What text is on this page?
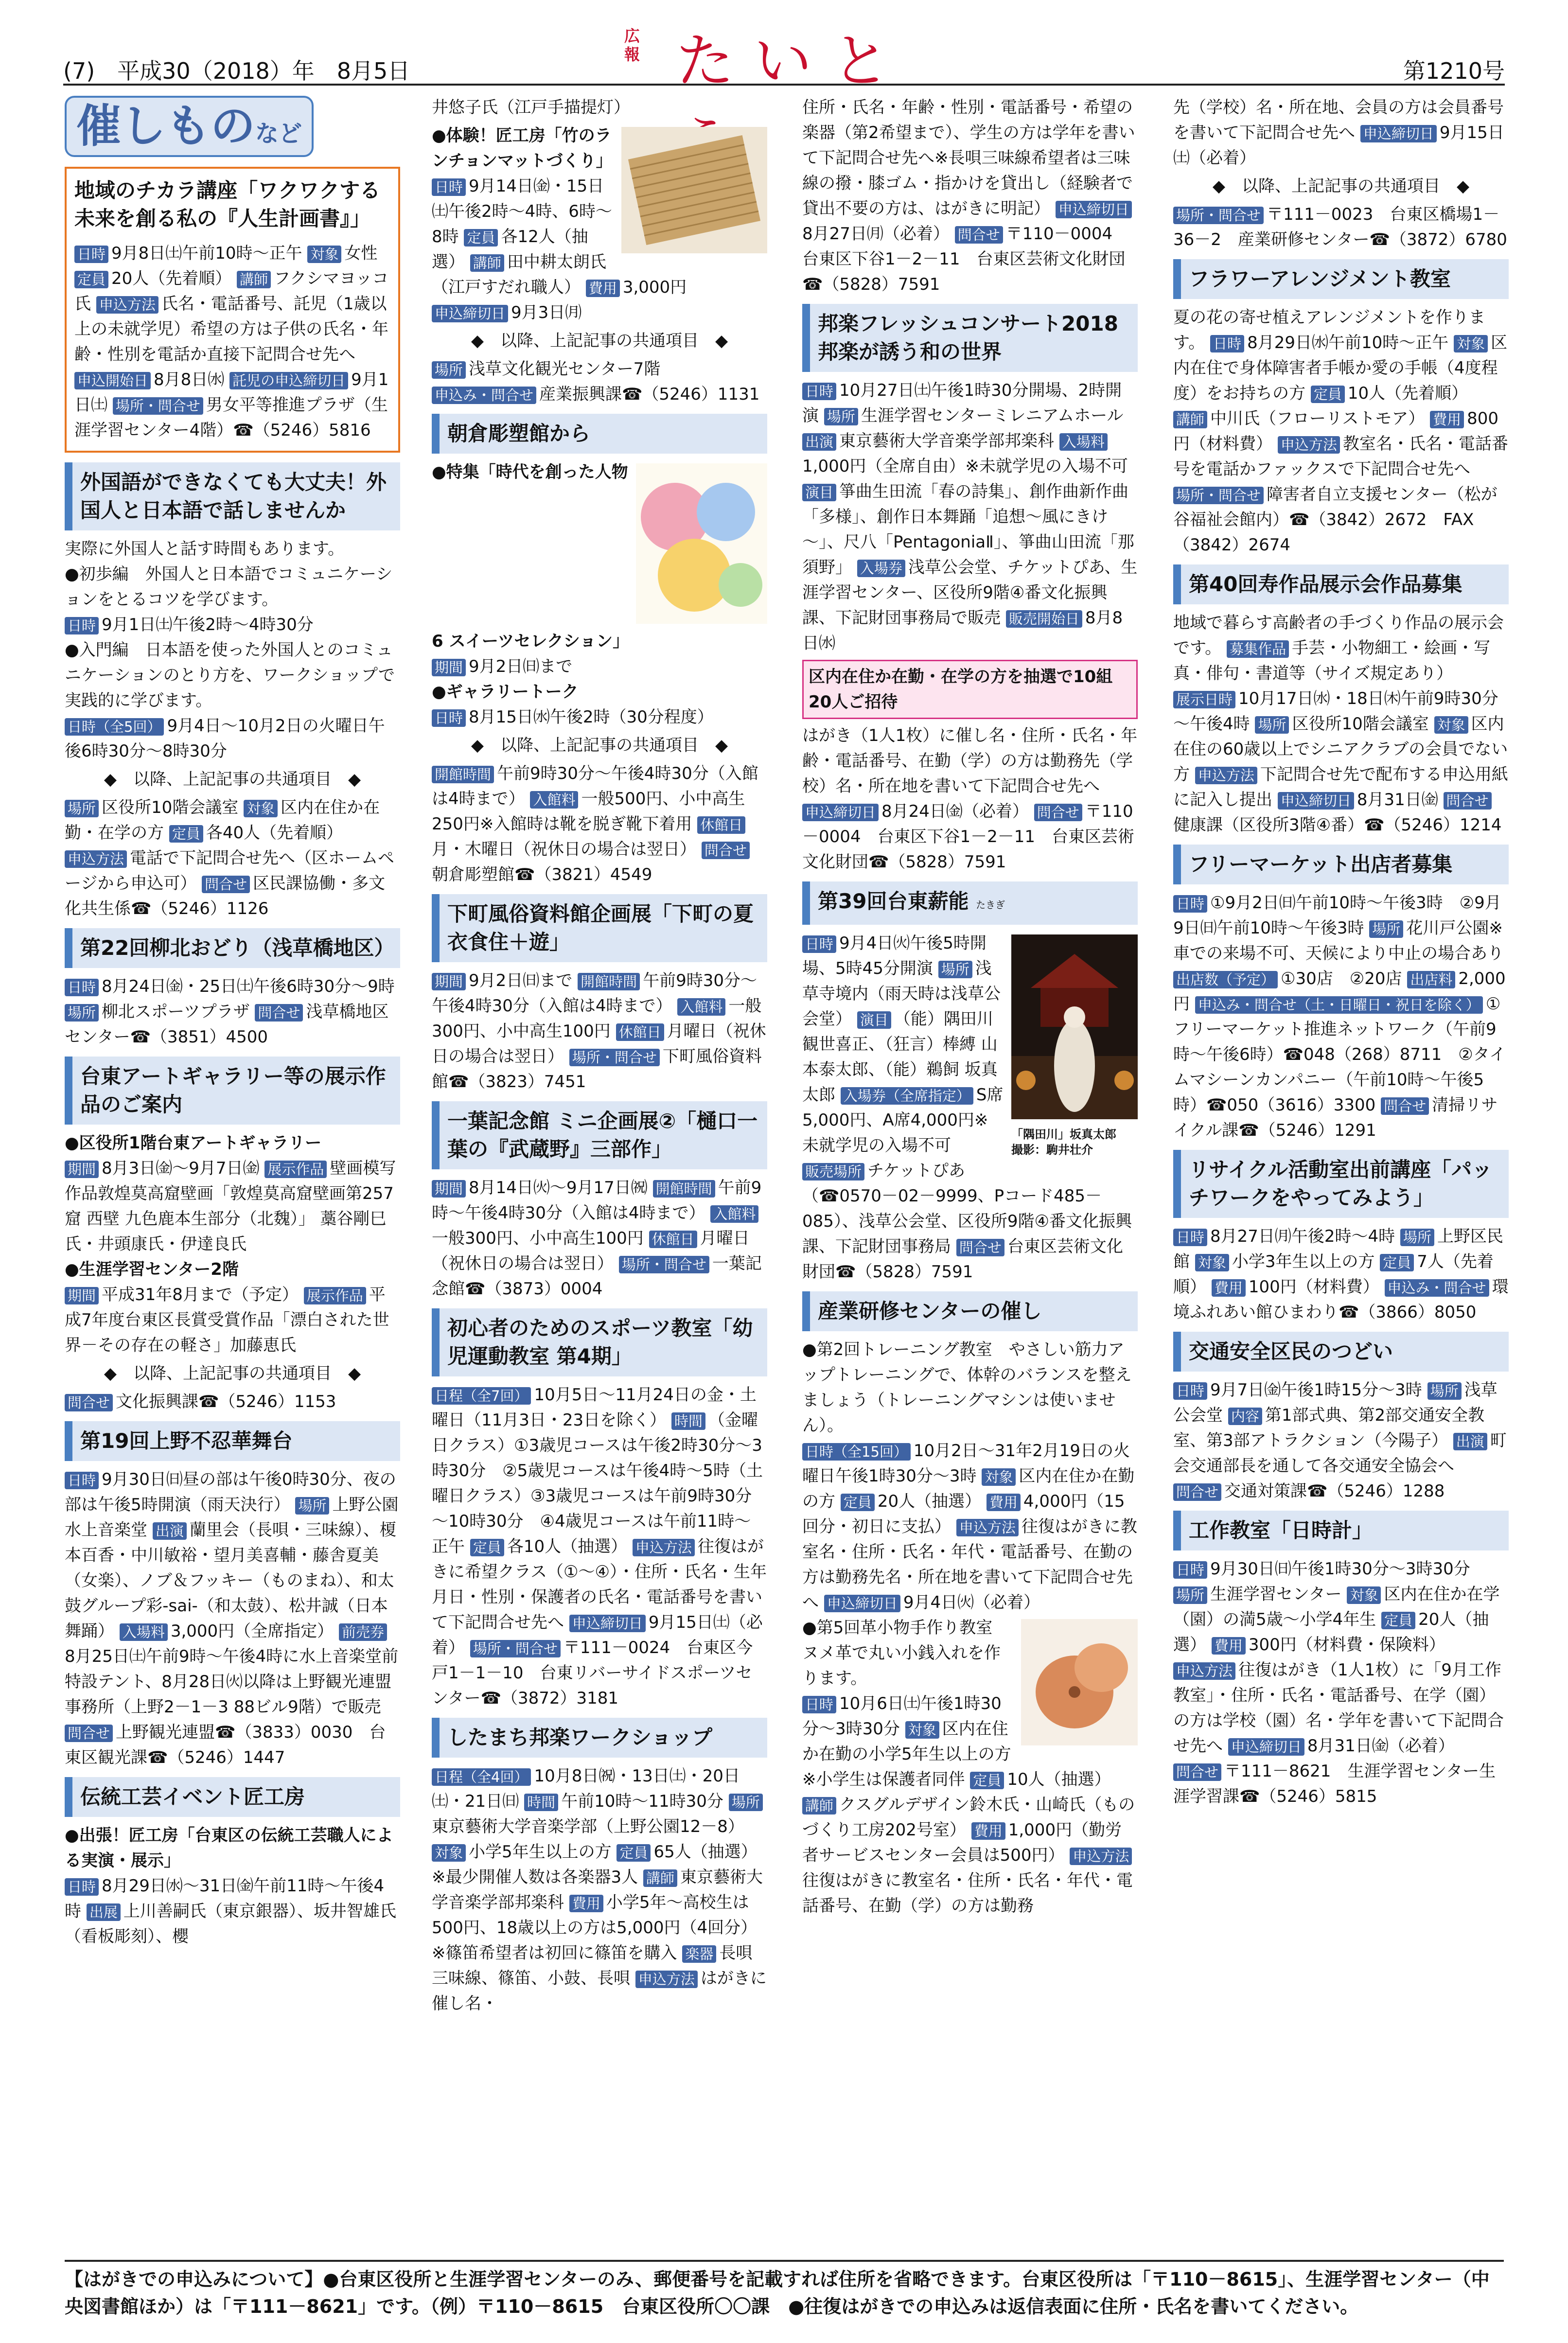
(7)　平成30（2018）年　8月5日
広報 たいと	第1210号
催しものなど
地域のチカラ講座「ワクワクする未来を創る私の『人生計画書』」
日時 9月8日㈯午前10時～正午 対象 女性 定員 20人（先着順） 講師 フクシマヨッコ氏 申込方法 氏名・電話番号、託児（1歳以上の未就学児）希望の方は子供の氏名・年齢・性別を電話か直接下記問合せ先へ 申込開始日 8月8日㈬ 託児の申込締切日 9月1日㈯ 場所・問合せ 男女平等推進プラザ（生涯学習センター4階）☎（5246）5816
外国語ができなくても大丈夫！外国人と日本語で話しませんか
実際に外国人と話す時間もあります。
●初歩編　外国人と日本語でコミュニケーションをとるコツを学びます。
日時 9月1日㈯午後2時～4時30分
●入門編　日本語を使った外国人とのコミュニケーションのとり方を、ワークショップで実践的に学びます。
日時（全5回） 9月4日～10月2日の火曜日午後6時30分～8時30分
◆　以降、上記記事の共通項目　◆
場所 区役所10階会議室 対象 区内在住か在勤・在学の方 定員 各40人（先着順） 申込方法 電話で下記問合せ先へ（区ホームページから申込可） 問合せ 区民課協働・多文化共生係☎（5246）1126
第22回柳北おどり（浅草橋地区）
日時 8月24日㈮・25日㈯午後6時30分～9時 場所 柳北スポーツプラザ 問合せ 浅草橋地区センター☎（3851）4500
台東アートギャラリー等の展示作品のご案内
●区役所1階台東アートギャラリー
期間 8月3日㈮～9月7日㈮ 展示作品 壁画模写作品敦煌莫高窟壁画「敦煌莫高窟壁画第257窟 西壁 九色鹿本生部分（北魏）」 藁谷剛巳氏・井頭康氏・伊達良氏
●生涯学習センター2階
期間 平成31年8月まで（予定） 展示作品 平成7年度台東区長賞受賞作品「漂白された世界－その存在の軽さ」加藤恵氏
◆　以降、上記記事の共通項目　◆
問合せ 文化振興課☎（5246）1153
第19回上野不忍華舞台
日時 9月30日㈰昼の部は午後0時30分、夜の部は午後5時開演（雨天決行） 場所 上野公園水上音楽堂 出演 蘭里会（長唄・三味線）、榎本百香・中川敏裕・望月美喜輔・藤舎夏美（女楽）、ノブ＆フッキー（ものまね）、和太鼓グループ彩-sai-（和太鼓）、松井誠（日本舞踊） 入場料 3,000円（全席指定） 前売券8月25日㈯午前9時～午後4時に水上音楽堂前特設テント、8月28日㈫以降は上野観光連盟事務所（上野2－1－3 88ビル9階）で販売 問合せ 上野観光連盟☎（3833）0030　台東区観光課☎（5246）1447
伝統工芸イベント匠工房
●出張！匠工房「台東区の伝統工芸職人による実演・展示」
日時 8月29日㈬～31日㈮午前11時～午後4時 出展 上川善嗣氏（東京銀器）、坂井智雄氏（看板彫刻）、櫻
井悠子氏（江戸手描提灯）
●体験！匠工房「竹のランチョンマットづくり」
日時 9月14日㈮・15日㈯午後2時～4時、6時～8時 定員 各12人（抽選） 講師 田中耕太朗氏（江戸すだれ職人） 費用 3,000円 申込締切日 9月3日㈪
◆　以降、上記記事の共通項目　◆
場所 浅草文化観光センター7階 申込み・問合せ 産業振興課☎（5246）1131
朝倉彫塑館から
●特集「時代を創った人物6 スイーツセレクション」
期間 9月2日㈰まで
●ギャラリートーク
日時 8月15日㈬午後2時（30分程度）
◆　以降、上記記事の共通項目　◆
開館時間 午前9時30分～午後4時30分（入館は4時まで） 入館料 一般500円、小中高生250円※入館時は靴を脱ぎ靴下着用 休館日月・木曜日（祝休日の場合は翌日） 問合せ朝倉彫塑館☎（3821）4549
下町風俗資料館企画展「下町の夏 衣食住＋遊」
期間 9月2日㈰まで 開館時間 午前9時30分～午後4時30分（入館は4時まで） 入館料 一般300円、小中高生100円 休館日 月曜日（祝休日の場合は翌日） 場所・問合せ 下町風俗資料館☎（3823）7451
一葉記念館 ミニ企画展②「樋口一葉の『武蔵野』三部作」
期間 8月14日㈫～9月17日㈷ 開館時間 午前9時～午後4時30分（入館は4時まで） 入館料一般300円、小中高生100円 休館日 月曜日（祝休日の場合は翌日） 場所・問合せ 一葉記念館☎（3873）0004
初心者のためのスポーツ教室「幼児運動教室 第4期」
日程（全7回） 10月5日～11月24日の金・土曜日（11月3日・23日を除く） 時間 （金曜日クラス）①3歳児コースは午後2時30分～3時30分　②5歳児コースは午後4時～5時（土曜日クラス）③3歳児コースは午前9時30分～10時30分　④4歳児コースは午前11時～正午 定員 各10人（抽選） 申込方法 往復はがきに希望クラス（①～④）・住所・氏名・生年月日・性別・保護者の氏名・電話番号を書いて下記問合せ先へ 申込締切日 9月15日㈯（必着） 場所・問合せ 〒111－0024　台東区今戸1－1－10　台東リバーサイドスポーツセンター☎（3872）3181
したまち邦楽ワークショップ
日程（全4回） 10月8日㈷・13日㈯・20日㈯・21日㈰ 時間 午前10時～11時30分 場所東京藝術大学音楽学部（上野公園12－8） 対象 小学5年生以上の方 定員 65人（抽選）※最少開催人数は各楽器3人 講師 東京藝術大学音楽学部邦楽科 費用 小学5年～高校生は500円、18歳以上の方は5,000円（4回分）※篠笛希望者は初回に篠笛を購入 楽器 長唄三味線、篠笛、小鼓、長唄 申込方法 はがきに催し名・
住所・氏名・年齢・性別・電話番号・希望の楽器（第2希望まで）、学生の方は学年を書いて下記問合せ先へ※長唄三味線希望者は三味線の撥・膝ゴム・指かけを貸出し（経験者で貸出不要の方は、はがきに明記） 申込締切日8月27日㈪（必着） 問合せ 〒110－0004　台東区下谷1－2－11　台東区芸術文化財団☎（5828）7591
邦楽フレッシュコンサート2018 邦楽が誘う和の世界
日時 10月27日㈯午後1時30分開場、2時開演 場所 生涯学習センターミレニアムホール 出演 東京藝術大学音楽学部邦楽科 入場料1,000円（全席自由）※未就学児の入場不可 演目 箏曲生田流「春の詩集」、創作曲新作曲「多様」、創作日本舞踊「追想～風にきけ～」、尺八「PentagoniaⅡ」、箏曲山田流「那須野」 入場券 浅草公会堂、チケットぴあ、生涯学習センター、区役所9階④番文化振興課、下記財団事務局で販売 販売開始日 8月8日㈬
区内在住か在勤・在学の方を抽選で10組20人ご招待
はがき（1人1枚）に催し名・住所・氏名・年齢・電話番号、在勤（学）の方は勤務先（学校）名・所在地を書いて下記問合せ先へ 申込締切日 8月24日㈮（必着） 問合せ 〒110－0004　台東区下谷1－2－11　台東区芸術文化財団☎（5828）7591
第39回台東薪能 たきぎ
「隅田川」坂真太郎　撮影：駒井壮介
日時 9月4日㈫午後5時開場、5時45分開演 場所 浅草寺境内（雨天時は浅草公会堂） 演目 （能）隅田川 観世喜正、（狂言）棒縛 山本泰太郎、（能）鵜飼 坂真太郎 入場券（全席指定） S席5,000円、A席4,000円※未就学児の入場不可 販売場所 チケットぴあ（☎0570－02－9999、Pコード485－085）、浅草公会堂、区役所9階④番文化振興課、下記財団事務局 問合せ 台東区芸術文化財団☎（5828）7591
産業研修センターの催し
●第2回トレーニング教室　やさしい筋力アップトレーニングで、体幹のバランスを整えましょう（トレーニングマシンは使いません）。
日時（全15回） 10月2日～31年2月19日の火曜日午後1時30分～3時 対象 区内在住か在勤の方 定員 20人（抽選） 費用 4,000円（15回分・初日に支払） 申込方法 往復はがきに教室名・住所・氏名・年代・電話番号、在勤の方は勤務先名・所在地を書いて下記問合せ先へ 申込締切日 9月4日㈫（必着）
●第5回革小物手作り教室　ヌメ革で丸い小銭入れを作ります。
日時 10月6日㈯午後1時30分～3時30分 対象 区内在住か在勤の小学5年生以上の方※小学生は保護者同伴 定員 10人（抽選） 講師 クスグルデザイン鈴木氏・山崎氏（ものづくり工房202号室） 費用 1,000円（勤労者サービスセンター会員は500円） 申込方法往復はがきに教室名・住所・氏名・年代・電話番号、在勤（学）の方は勤務
先（学校）名・所在地、会員の方は会員番号を書いて下記問合せ先へ 申込締切日 9月15日㈯（必着）
◆　以降、上記記事の共通項目　◆
場所・問合せ 〒111－0023　台東区橋場1－36－2　産業研修センター☎（3872）6780
フラワーアレンジメント教室
夏の花の寄せ植えアレンジメントを作ります。 日時 8月29日㈬午前10時～正午 対象 区内在住で身体障害者手帳か愛の手帳（4度程度）をお持ちの方 定員 10人（先着順） 講師 中川氏（フローリストモア） 費用 800円（材料費） 申込方法 教室名・氏名・電話番号を電話かファックスで下記問合せ先へ 場所・問合せ 障害者自立支援センター（松が谷福祉会館内）☎（3842）2672　FAX（3842）2674
第40回寿作品展示会作品募集
地域で暮らす高齢者の手づくり作品の展示会です。 募集作品 手芸・小物細工・絵画・写真・俳句・書道等（サイズ規定あり） 展示日時 10月17日㈬・18日㈭午前9時30分～午後4時 場所 区役所10階会議室 対象 区内在住の60歳以上でシニアクラブの会員でない方 申込方法 下記問合せ先で配布する申込用紙に記入し提出 申込締切日 8月31日㈮ 問合せ健康課（区役所3階④番）☎（5246）1214
フリーマーケット出店者募集
日時 ①9月2日㈰午前10時～午後3時　②9月9日㈰午前10時～午後3時 場所 花川戸公園※車での来場不可、天候により中止の場合あり 出店数（予定） ①30店　②20店 出店料 2,000円 申込み・問合せ（土・日曜日・祝日を除く） ①フリーマーケット推進ネットワーク（午前9時～午後6時）☎048（268）8711　②タイムマシーンカンパニー（午前10時～午後5時）☎050（3616）3300 問合せ 清掃リサイクル課☎（5246）1291
リサイクル活動室出前講座「パッチワークをやってみよう」
日時 8月27日㈪午後2時～4時 場所 上野区民館 対象 小学3年生以上の方 定員 7人（先着順） 費用 100円（材料費） 申込み・問合せ 環境ふれあい館ひまわり☎（3866）8050
交通安全区民のつどい
日時 9月7日㈮午後1時15分～3時 場所 浅草公会堂 内容 第1部式典、第2部交通安全教室、第3部アトラクション（今陽子） 出演 町会交通部長を通して各交通安全協会へ 問合せ 交通対策課☎（5246）1288
工作教室「日時計」
日時 9月30日㈰午後1時30分～3時30分 場所 生涯学習センター 対象 区内在住か在学（園）の満5歳～小学4年生 定員 20人（抽選） 費用 300円（材料費・保険料） 申込方法 往復はがき（1人1枚）に「9月工作教室」・住所・氏名・電話番号、在学（園）の方は学校（園）名・学年を書いて下記問合せ先へ 申込締切日 8月31日㈮（必着） 問合せ 〒111－8621　生涯学習センター生涯学習課☎（5246）5815
【はがきでの申込みについて】●台東区役所と生涯学習センターのみ、郵便番号を記載すれば住所を省略できます。台東区役所は「〒110－8615」、生涯学習センター（中央図書館ほか）は「〒111－8621」です。（例）〒110－8615　台東区役所〇〇課　●往復はがきでの申込みは返信表面に住所・氏名を書いてください。
